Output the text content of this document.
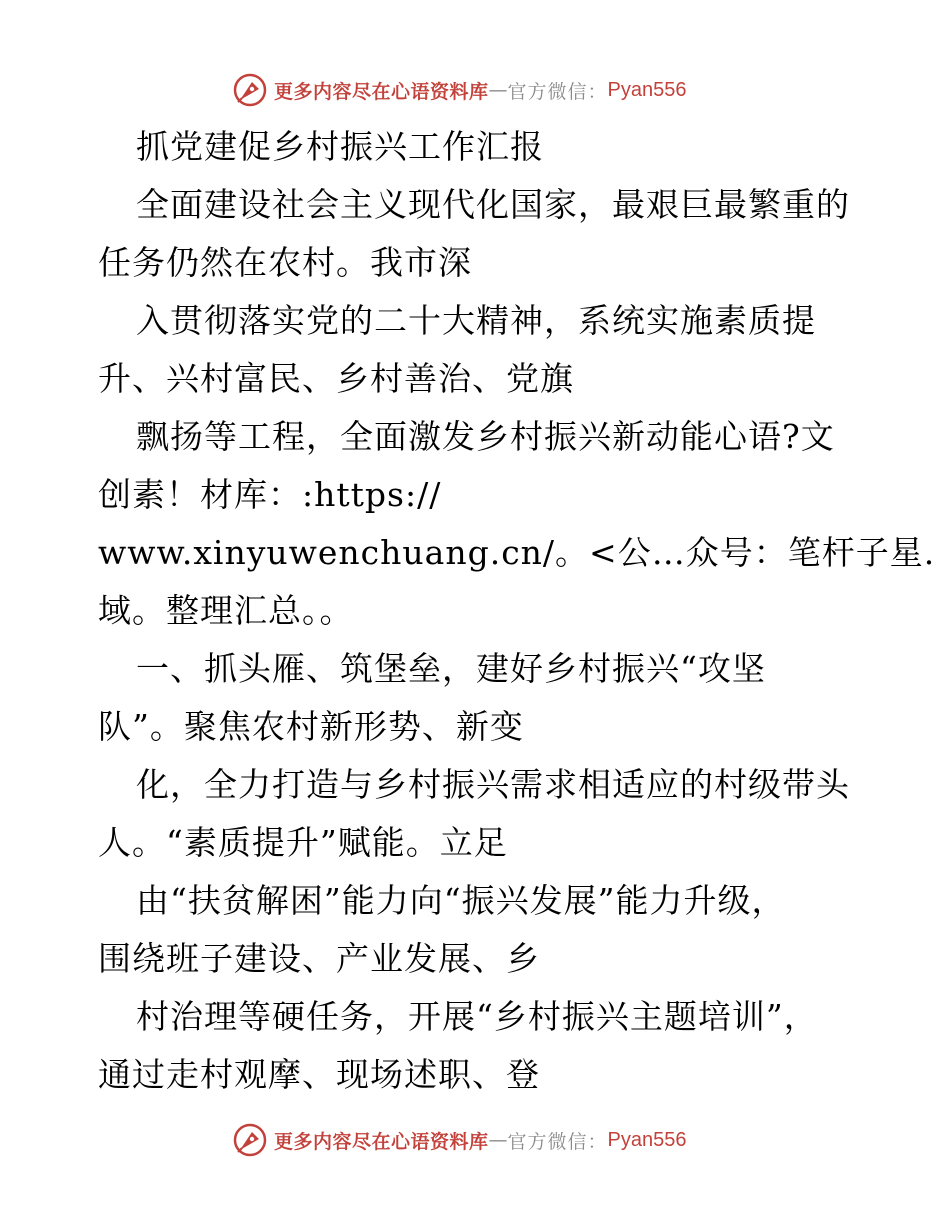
更多内容尽在心语资料库 — 官方微信： Pyan556
抓党建促乡村振兴工作汇报
全面建设社会主义现代化国家，最艰巨最繁重的
任务仍然在农村。我市深
入贯彻落实党的二十大精神，系统实施素质提
升、兴村富民、乡村善治、党旗
飘扬等工程，全面激发乡村振兴新动能心语?文
创素！材库：:https://
www.xinyuwenchuang.cn/。<公…众号：笔杆子星.
域。整理汇总。。
一、抓头雁、筑堡垒，建好乡村振兴“攻坚
队”。聚焦农村新形势、新变
化，全力打造与乡村振兴需求相适应的村级带头
人。“素质提升”赋能。立足
由“扶贫解困”能力向“振兴发展”能力升级，
围绕班子建设、产业发展、乡
村治理等硬任务，开展“乡村振兴主题培训”，
通过走村观摩、现场述职、登
更多内容尽在心语资料库 — 官方微信： Pyan556
